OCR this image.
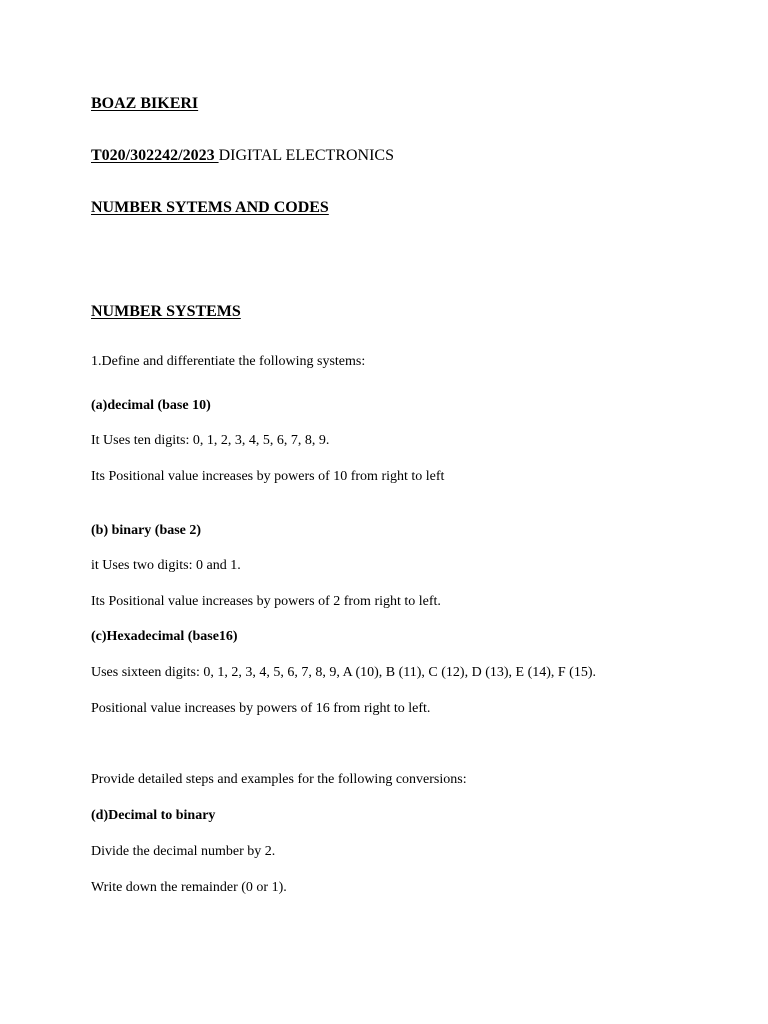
BOAZ BIKERI
T020/302242/2023 DIGITAL ELECTRONICS
NUMBER SYTEMS AND CODES
NUMBER SYSTEMS
1.Define and differentiate the following systems:
(a)decimal (base 10)
It Uses ten digits: 0, 1, 2, 3, 4, 5, 6, 7, 8, 9.
Its Positional value increases by powers of 10 from right to left
(b) binary (base 2)
it Uses two digits: 0 and 1.
Its Positional value increases by powers of 2 from right to left.
(c)Hexadecimal (base16)
Uses sixteen digits: 0, 1, 2, 3, 4, 5, 6, 7, 8, 9, A (10), B (11), C (12), D (13), E (14), F (15).
Positional value increases by powers of 16 from right to left.
Provide detailed steps and examples for the following conversions:
(d)Decimal to binary
Divide the decimal number by 2.
Write down the remainder (0 or 1).
